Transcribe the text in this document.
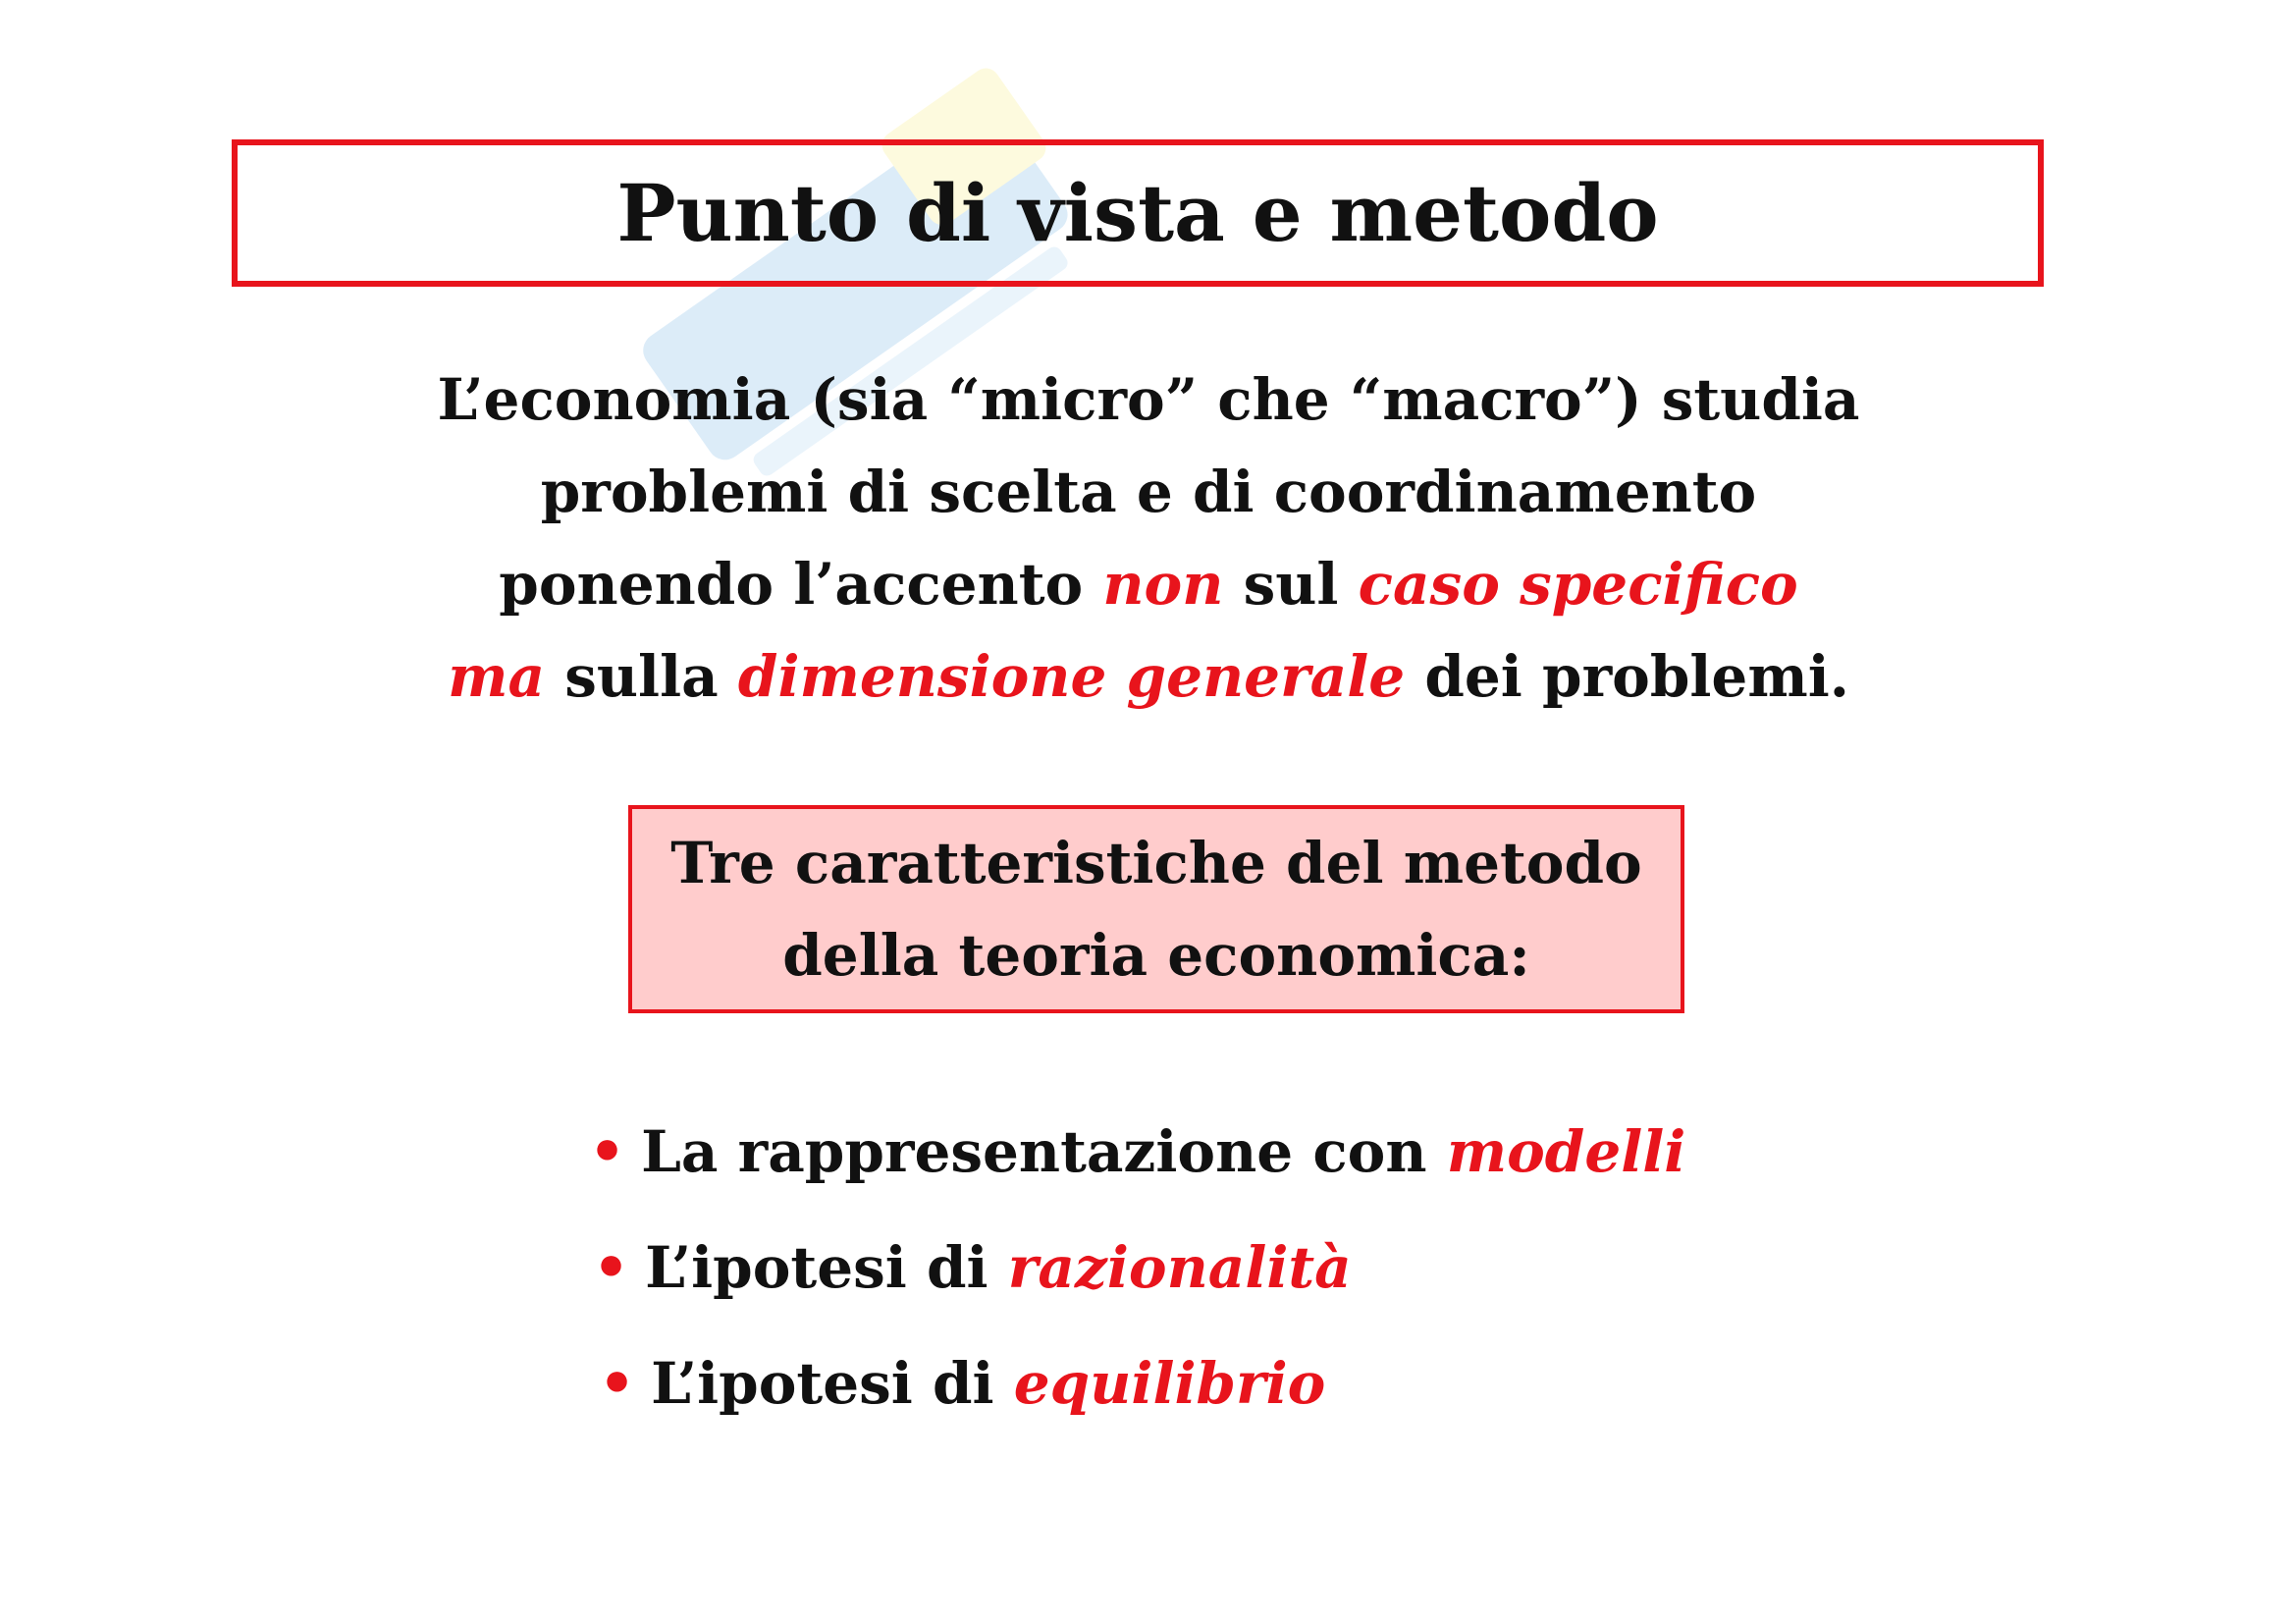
Punto di vista e metodo
L’economia (sia “micro” che “macro”) studia
problemi di scelta e di coordinamento
ponendo l’accento non sul caso specifico
ma sulla dimensione generale dei problemi.
Tre caratteristiche del metodo
della teoria economica:
• La rappresentazione con modelli
• L’ipotesi di razionalità
• L’ipotesi di equilibrio
